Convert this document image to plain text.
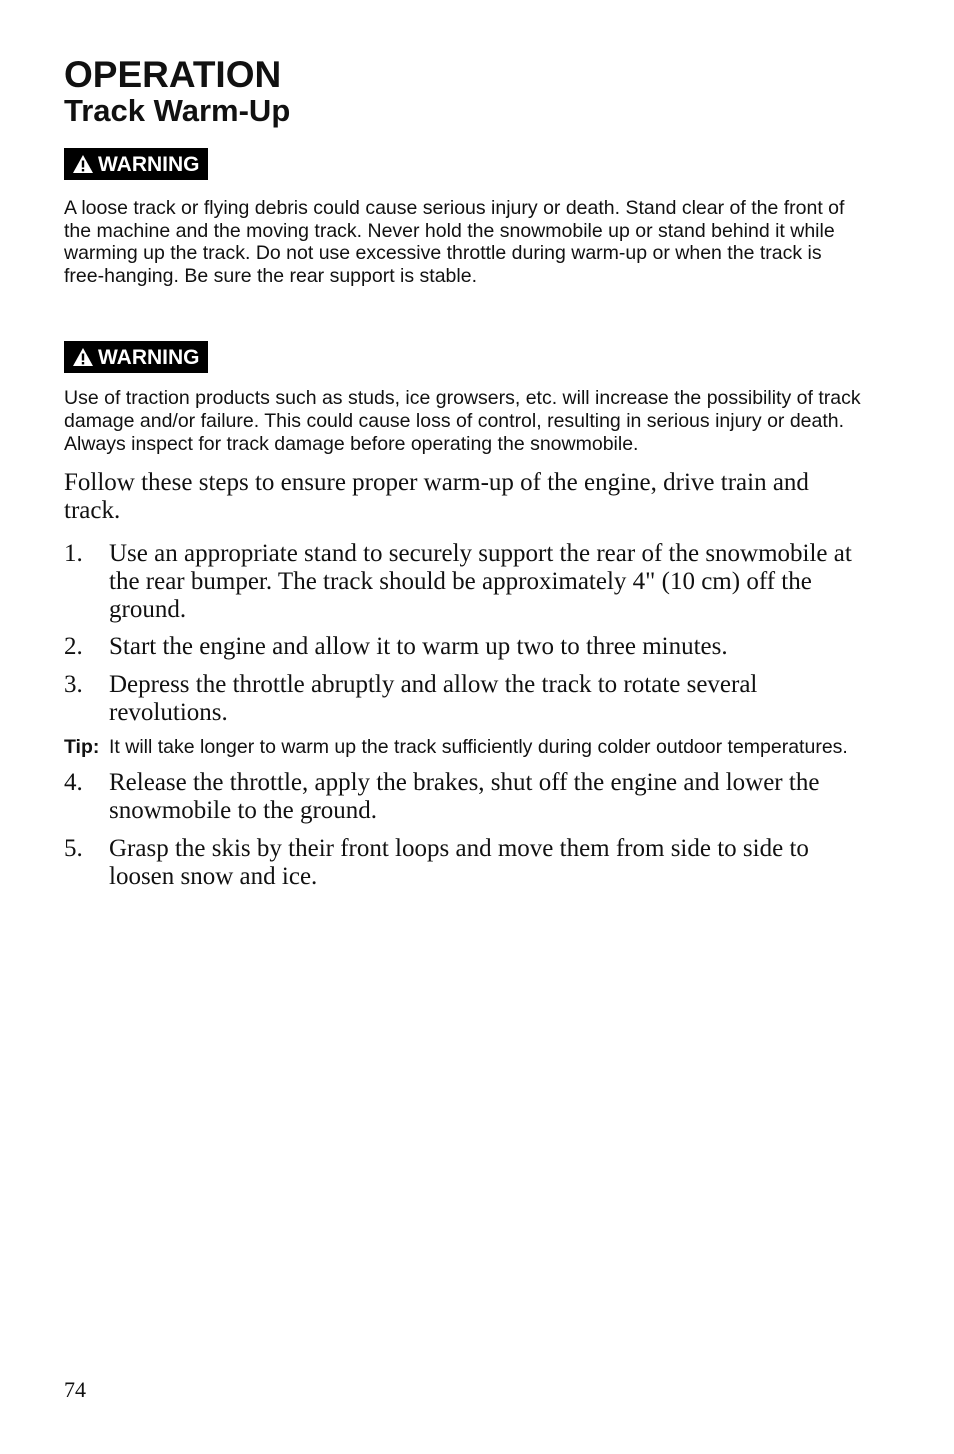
OPERATION
Track Warm-Up
WARNING

A loose track or flying debris could cause serious injury or death. Stand clear of the front of the machine and the moving track. Never hold the snowmobile up or stand behind it while warming up the track. Do not use excessive throttle during warm-up or when the track is free-hanging. Be sure the rear support is stable.

WARNING

Use of traction products such as studs, ice growsers, etc. will increase the possibility of track damage and/or failure. This could cause loss of control, resulting in serious injury or death. Always inspect for track damage before operating the snowmobile.

Follow these steps to ensure proper warm-up of the engine, drive train and track.

1.	Use an appropriate stand to securely support the rear of the snowmobile at the rear bumper. The track should be approximately 4" (10 cm) off the ground.
2.	Start the engine and allow it to warm up two to three minutes.
3.	Depress the throttle abruptly and allow the track to rotate several revolutions.
Tip: It will take longer to warm up the track sufficiently during colder outdoor temperatures.
4.	Release the throttle, apply the brakes, shut off the engine and lower the snowmobile to the ground.
5.	Grasp the skis by their front loops and move them from side to side to loosen snow and ice.
74
